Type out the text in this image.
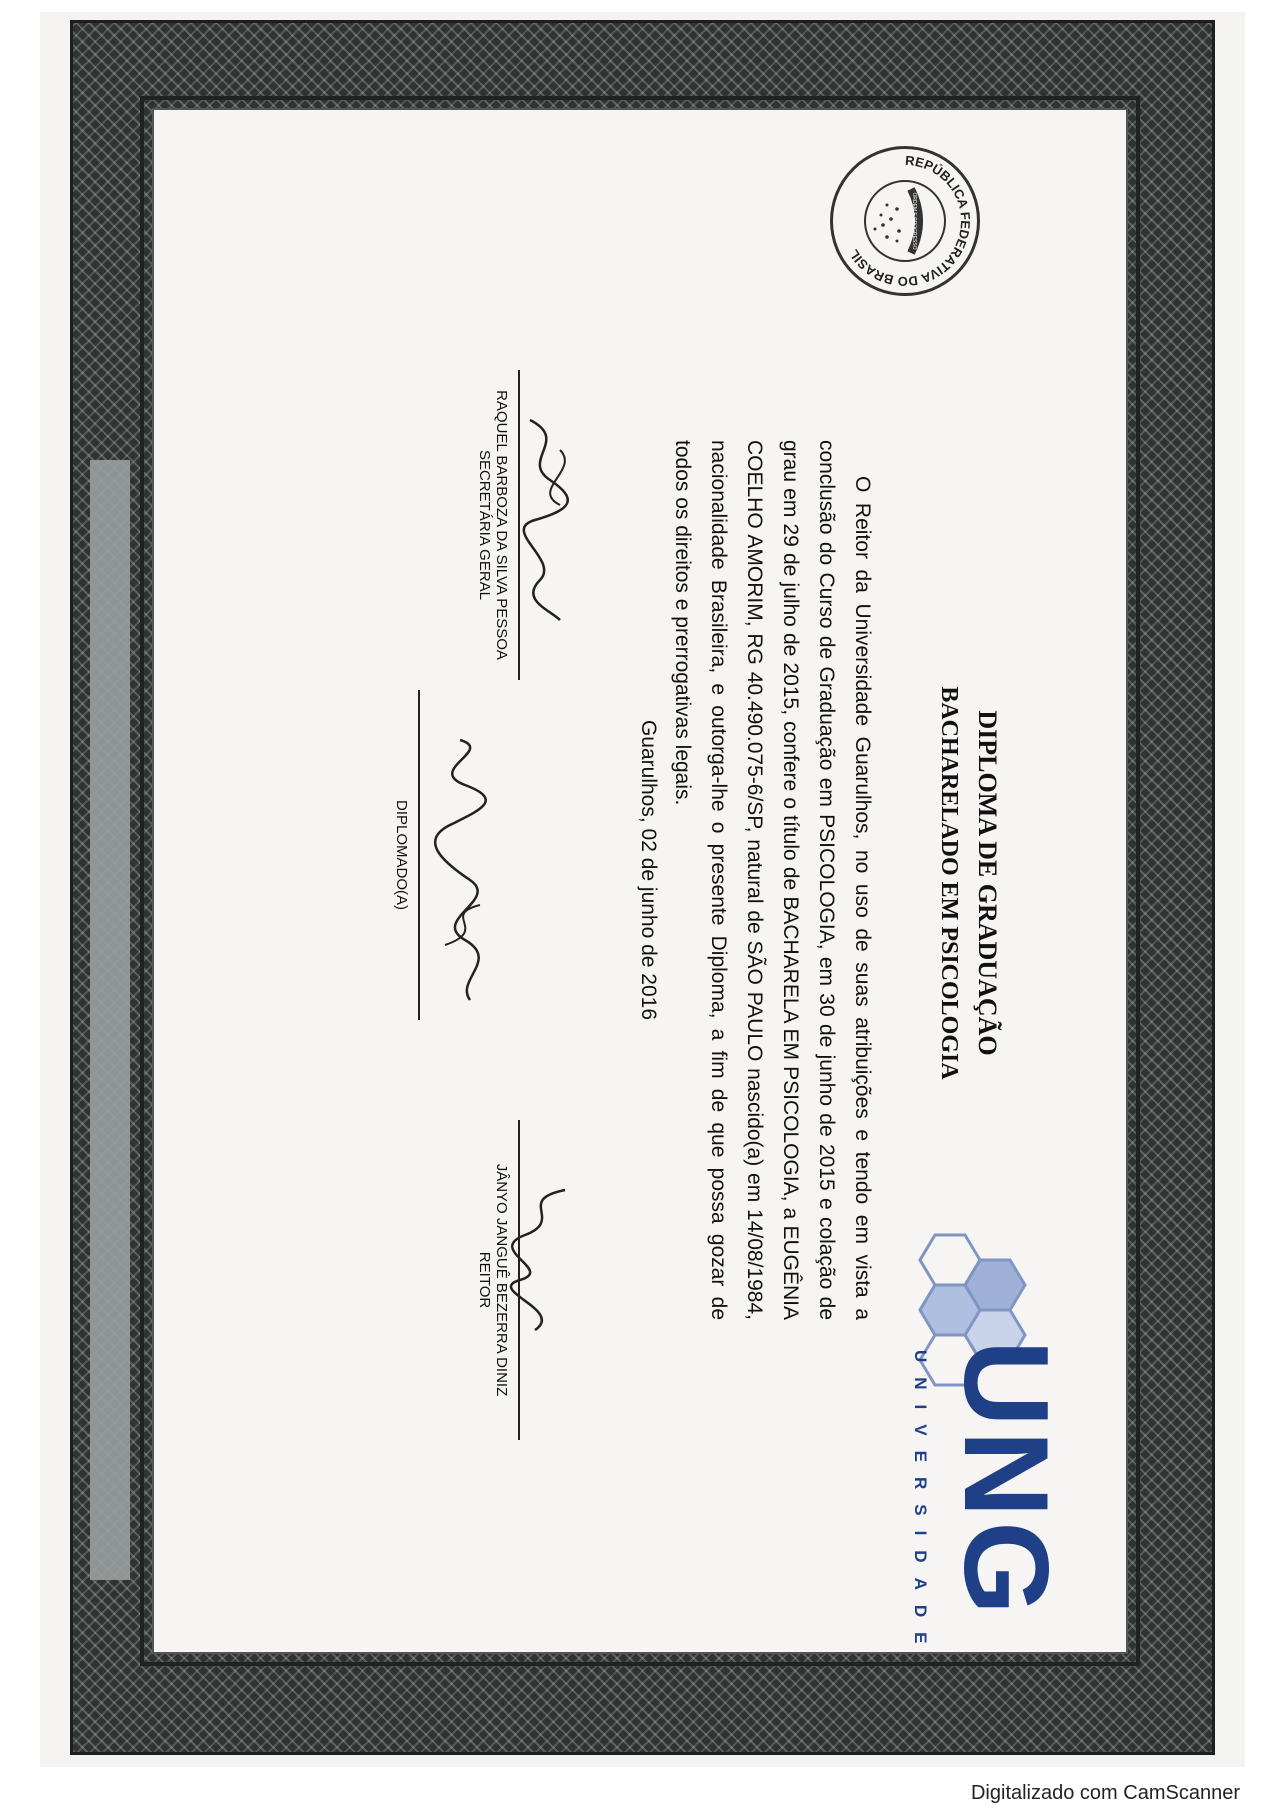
REPÚBLICA FEDERATIVA DO BRASIL
ORDEM E PROGRESSO
DIPLOMA DE GRADUAÇÃO
BACHARELADO EM PSICOLOGIA
O Reitor da Universidade Guarulhos, no uso de suas atribuições e tendo em vista a conclusão do Curso de Graduação em PSICOLOGIA, em 30 de junho de 2015 e colação de grau em 29 de julho de 2015, confere o título de BACHARELA EM PSICOLOGIA, a EUGÊNIA COELHO AMORIM, RG 40.490.075-6/SP, natural de SÃO PAULO nascido(a) em 14/08/1984, nacionalidade Brasileira, e outorga-lhe o presente Diploma, a fim de que possa gozar de todos os direitos e prerrogativas legais.
Guarulhos, 02 de junho de 2016
RAQUEL BARBOZA DA SILVA PESSOA
SECRETÁRIA GERAL
DIPLOMADO(A)
JÂNYO JANGUÊ BEZERRA DINIZ
REITOR
UNG
UNIVERSIDADE
Digitalizado com CamScanner
